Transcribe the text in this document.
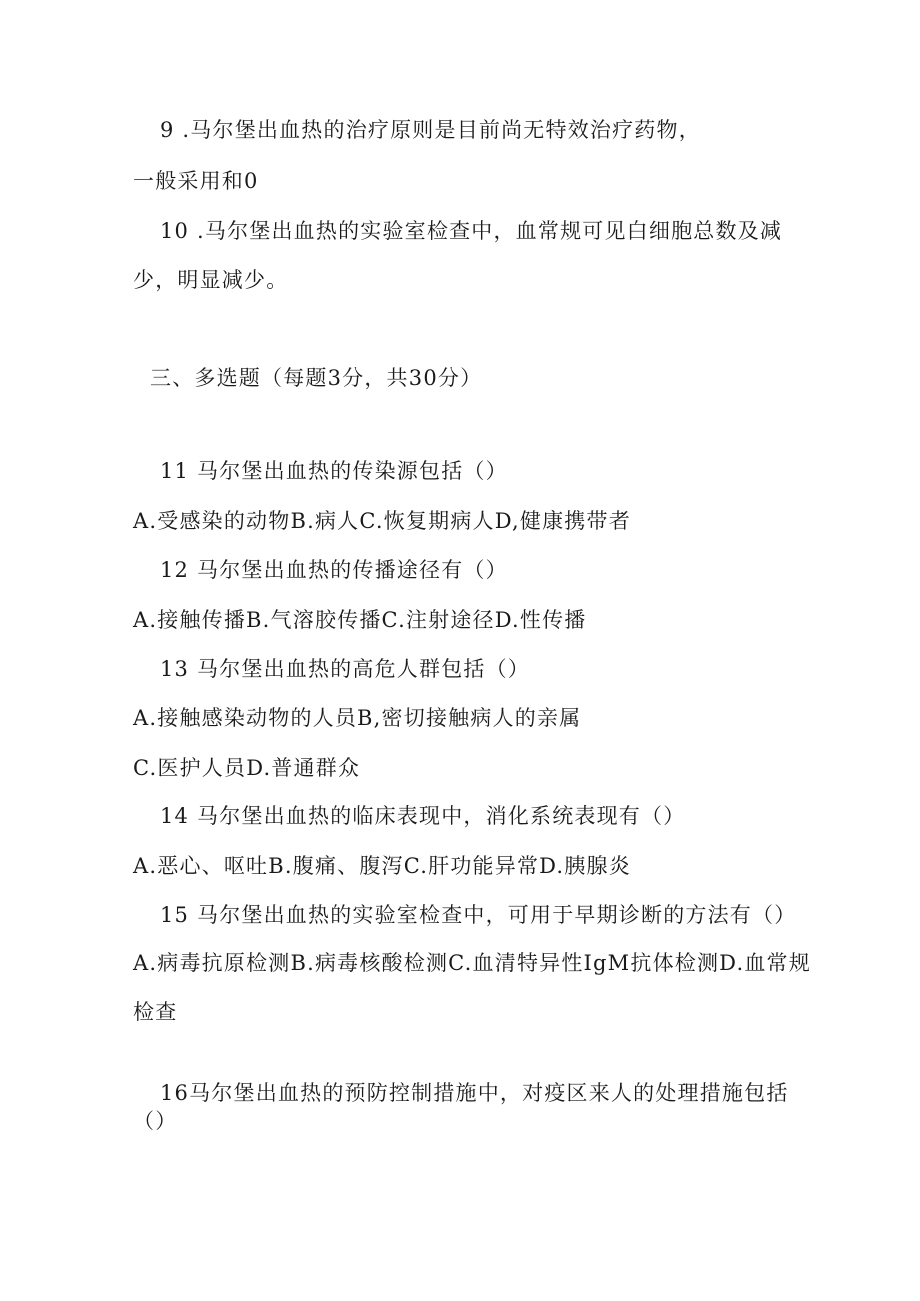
9 .马尔堡出血热的治疗原则是目前尚无特效治疗药物，
一般采用和0
10 .马尔堡出血热的实验室检查中，血常规可见白细胞总数及减
少，明显减少。
三、多选题（每题3分，共30分）
11 马尔堡出血热的传染源包括（）
A.受感染的动物B.病人C.恢复期病人D,健康携带者
12 马尔堡出血热的传播途径有（）
A.接触传播B.气溶胶传播C.注射途径D.性传播
13 马尔堡出血热的高危人群包括（）
A.接触感染动物的人员B,密切接触病人的亲属
C.医护人员D.普通群众
14 马尔堡出血热的临床表现中，消化系统表现有（）
A.恶心、呕吐B.腹痛、腹泻C.肝功能异常D.胰腺炎
15 马尔堡出血热的实验室检查中，可用于早期诊断的方法有（）
A.病毒抗原检测B.病毒核酸检测C.血清特异性IgM抗体检测D.血常规
检查
16马尔堡出血热的预防控制措施中，对疫区来人的处理措施包括
（）
